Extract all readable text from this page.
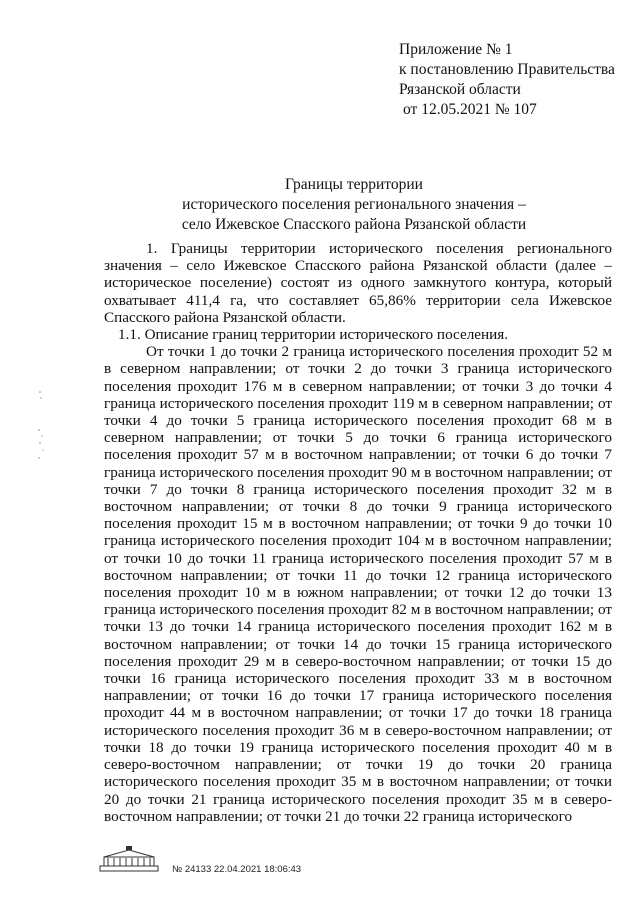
Приложение № 1
к постановлению Правительства
Рязанской области
от 12.05.2021 № 107
Границы территории
исторического поселения регионального значения –
село Ижевское Спасского района Рязанской области

1. Границы территории исторического поселения регионального значения – село Ижевское Спасского района Рязанской области (далее – историческое поселение) состоят из одного замкнутого контура, который охватывает 411,4 га, что составляет 65,86% территории села Ижевское Спасского района Рязанской области.

1.1. Описание границ территории исторического поселения.

От точки 1 до точки 2 граница исторического поселения проходит 52 м в северном направлении; от точки 2 до точки 3 граница исторического поселения проходит 176 м в северном направлении; от точки 3 до точки 4 граница исторического поселения проходит 119 м в северном направлении; от точки 4 до точки 5 граница исторического поселения проходит 68 м в северном направлении; от точки 5 до точки 6 граница исторического поселения проходит 57 м в восточном направлении; от точки 6 до точки 7 граница исторического поселения проходит 90 м в восточном направлении; от точки 7 до точки 8 граница исторического поселения проходит 32 м в восточном направлении; от точки 8 до точки 9 граница исторического поселения проходит 15 м в восточном направлении; от точки 9 до точки 10 граница исторического поселения проходит 104 м в восточном направлении; от точки 10 до точки 11 граница исторического поселения проходит 57 м в восточном направлении; от точки 11 до точки 12 граница исторического поселения проходит 10 м в южном направлении; от точки 12 до точки 13 граница исторического поселения проходит 82 м в восточном направлении; от точки 13 до точки 14 граница исторического поселения проходит 162 м в восточном направлении; от точки 14 до точки 15 граница исторического поселения проходит 29 м в северо-восточном направлении; от точки 15 до точки 16 граница исторического поселения проходит 33 м в восточном направлении; от точки 16 до точки 17 граница исторического поселения проходит 44 м в восточном направлении; от точки 17 до точки 18 граница исторического поселения проходит 36 м в северо-восточном направлении; от точки 18 до точки 19 граница исторического поселения проходит 40 м в северо-восточном направлении; от точки 19 до точки 20 граница исторического поселения проходит 35 м в восточном направлении; от точки 20 до точки 21 граница исторического поселения проходит 35 м в северо-восточном направлении; от точки 21 до точки 22 граница исторического

№ 24133 22.04.2021 18:06:43
